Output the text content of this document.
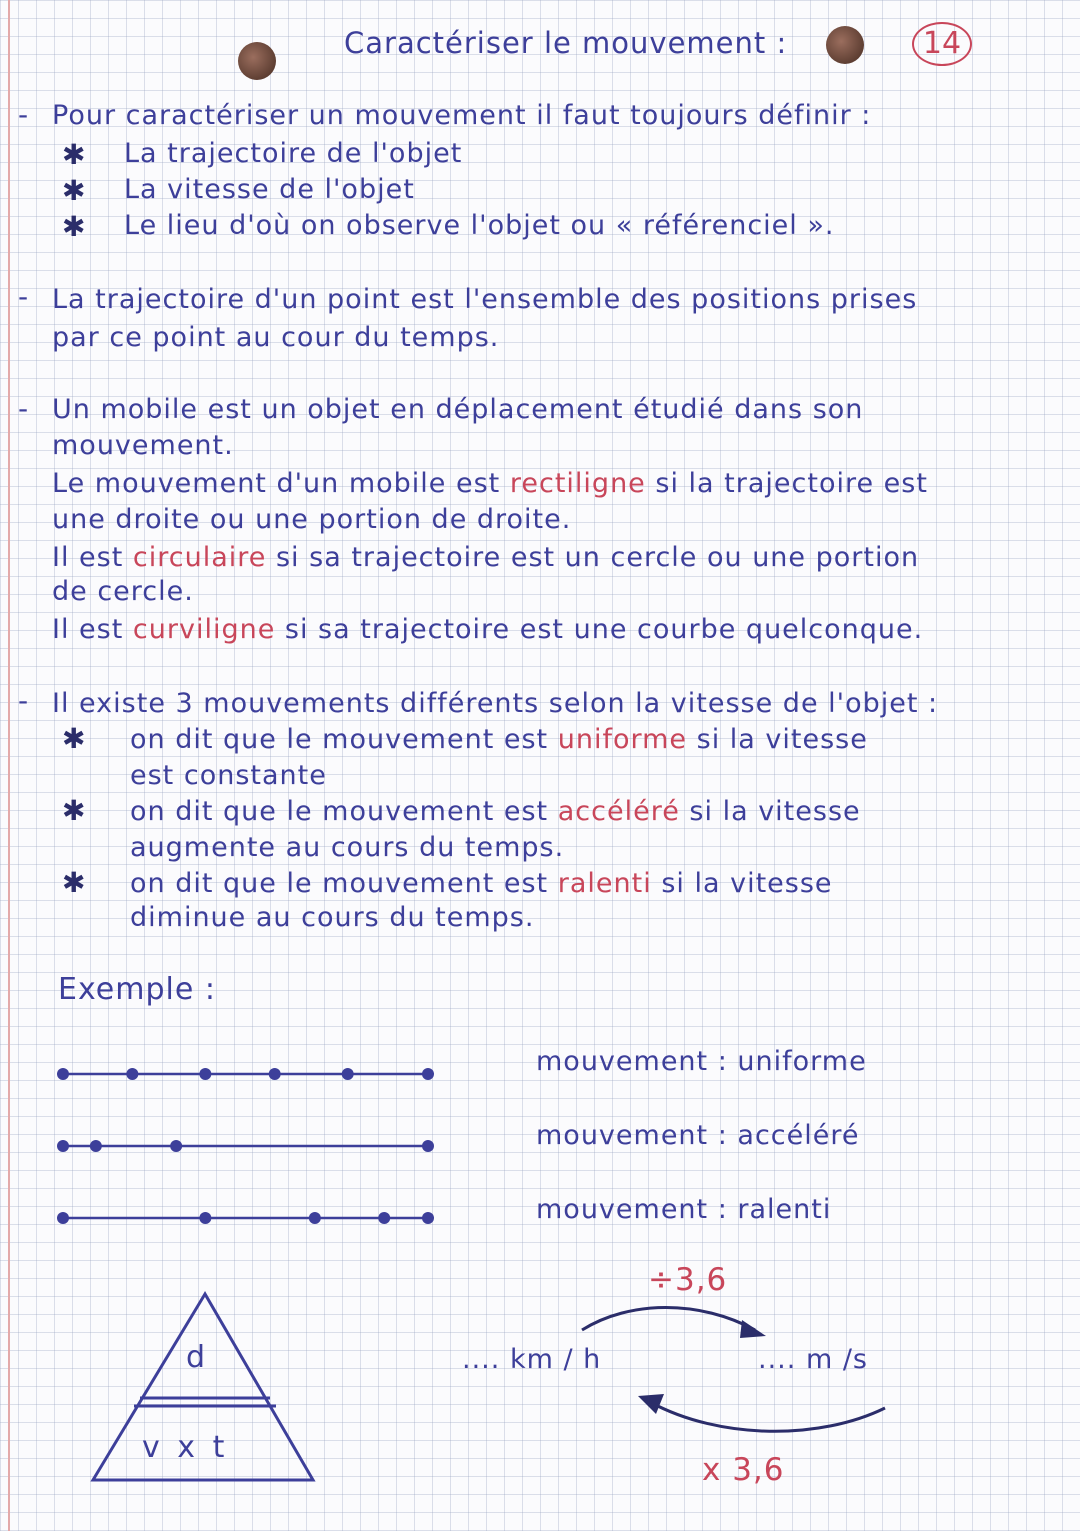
Caractériser le mouvement :	14
- Pour caractériser un mouvement il faut toujours définir :
✱ La trajectoire de l'objet
✱ La vitesse de l'objet
✱ Le lieu d'où on observe l'objet ou « référenciel ».
- La trajectoire d'un point est l'ensemble des positions prises
par ce point au cour du temps.
- Un mobile est un objet en déplacement étudié dans son
mouvement.
Le mouvement d'un mobile est rectiligne si la trajectoire est
une droite ou une portion de droite.
Il est circulaire si sa trajectoire est un cercle ou une portion
de cercle.
Il est curviligne si sa trajectoire est une courbe quelconque.
- Il existe 3 mouvements différents selon la vitesse de l'objet :
✱ on dit que le mouvement est uniforme si la vitesse
est constante
✱ on dit que le mouvement est accéléré si la vitesse
augmente au cours du temps.
✱ on dit que le mouvement est ralenti si la vitesse
diminue au cours du temps.
Exemple :
mouvement : uniforme
mouvement : accéléré
mouvement : ralenti
d
v x t
÷3,6
x 3,6
.... km / h	.... m /s
